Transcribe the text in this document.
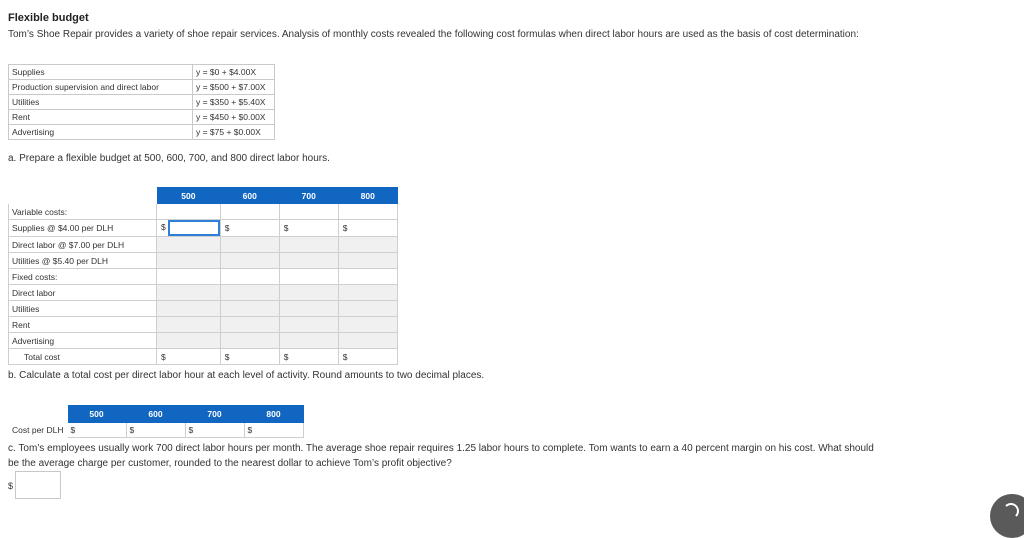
Flexible budget
Tom’s Shoe Repair provides a variety of shoe repair services. Analysis of monthly costs revealed the following cost formulas when direct labor hours are used as the basis of cost determination:
Supplies	y = $0 + $4.00X
Production supervision and direct labor	y = $500 + $7.00X
Utilities	y = $350 + $5.40X
Rent	y = $450 + $0.00X
Advertising	y = $75 + $0.00X
a. Prepare a flexible budget at 500, 600, 700, and 800 direct labor hours.
	500	600	700	800
Variable costs:				
Supplies @ $4.00 per DLH	$	$	$	$
Direct labor @ $7.00 per DLH				
Utilities @ $5.40 per DLH				
Fixed costs:				
Direct labor				
Utilities				
Rent				
Advertising				
Total cost	$	$	$	$
b. Calculate a total cost per direct labor hour at each level of activity. Round amounts to two decimal places.
	500	600	700	800
Cost per DLH	$	$	$	$
c. Tom’s employees usually work 700 direct labor hours per month. The average shoe repair requires 1.25 labor hours to complete. Tom wants to earn a 40 percent margin on his cost. What should
be the average charge per customer, rounded to the nearest dollar to achieve Tom’s profit objective?
$
